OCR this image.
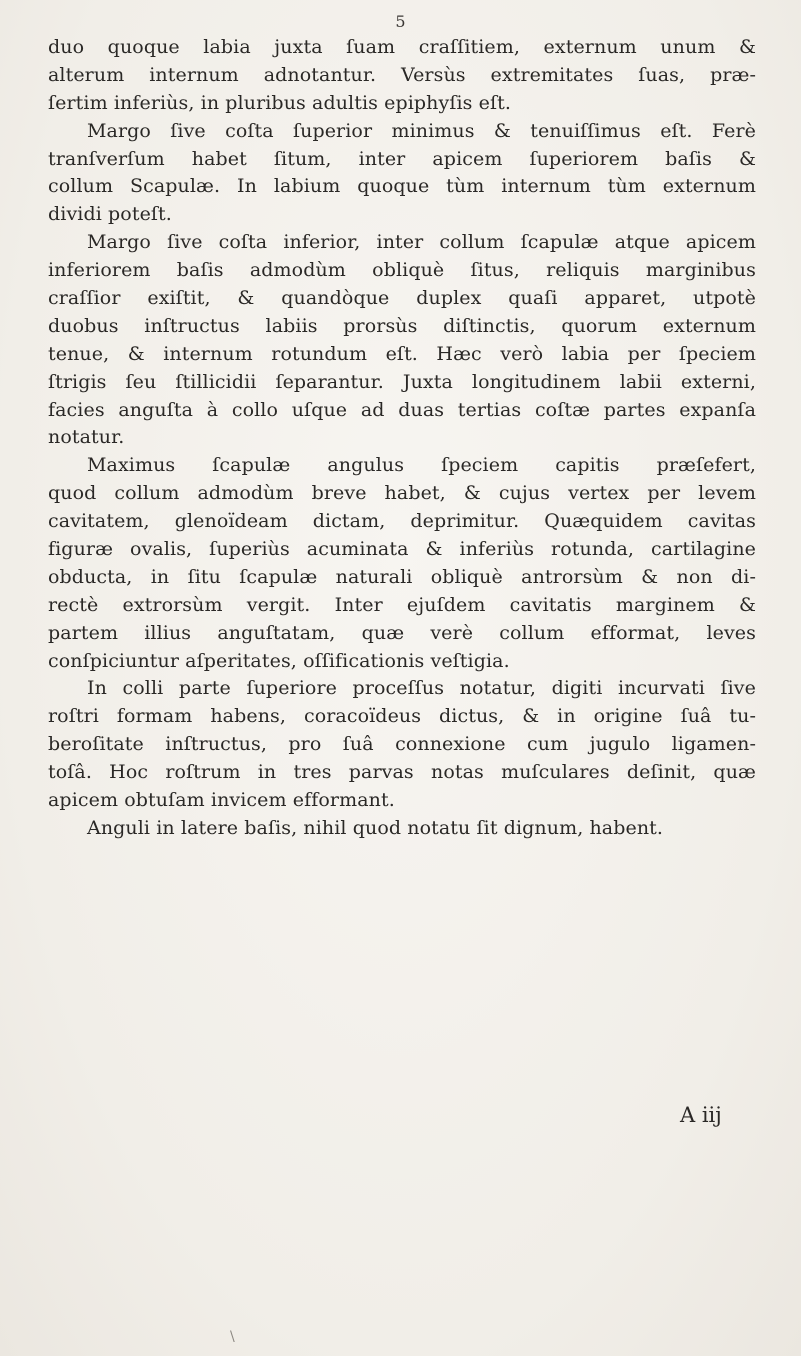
5

duo quoque labia juxta ſuam craſſitiem, externum unum &
alterum internum adnotantur. Versùs extremitates ſuas, præ-
ſertim inferiùs, in pluribus adultis epiphyſis eſt.

Margo ſive coſta ſuperior minimus & tenuiſſimus eſt. Ferè
tranſverſum habet ſitum, inter apicem ſuperiorem baſis &
collum Scapulæ. In labium quoque tùm internum tùm externum
dividi poteſt.

Margo ſive coſta inferior, inter collum ſcapulæ atque apicem
inferiorem baſis admodùm obliquè ſitus, reliquis marginibus
craſſior exiſtit, & quandòque duplex quaſi apparet, utpotè
duobus inſtructus labiis prorsùs diſtinctis, quorum externum
tenue, & internum rotundum eſt. Hæc verò labia per ſpeciem
ſtrigis ſeu ſtillicidii ſeparantur. Juxta longitudinem labii externi,
facies anguſta à collo uſque ad duas tertias coſtæ partes expanſa
notatur.

Maximus ſcapulæ angulus ſpeciem capitis præſefert,
quod collum admodùm breve habet, & cujus vertex per levem
cavitatem, glenoïdeam dictam, deprimitur. Quæquidem cavitas
figuræ ovalis, ſuperiùs acuminata & inferiùs rotunda, cartilagine
obducta, in ſitu ſcapulæ naturali obliquè antrorsùm & non di-
rectè extrorsùm vergit. Inter ejuſdem cavitatis marginem &
partem illius anguſtatam, quæ verè collum efformat, leves
conſpiciuntur aſperitates, oſſificationis veſtigia.

In colli parte ſuperiore proceſſus notatur, digiti incurvati ſive
roſtri formam habens, coracoïdeus dictus, & in origine ſuâ tu-
beroſitate inſtructus, pro ſuâ connexione cum jugulo ligamen-
toſâ. Hoc roſtrum in tres parvas notas muſculares deſinit, quæ
apicem obtuſam invicem efformant.

Anguli in latere baſis, nihil quod notatu ſit dignum, habent.

A iij
\
